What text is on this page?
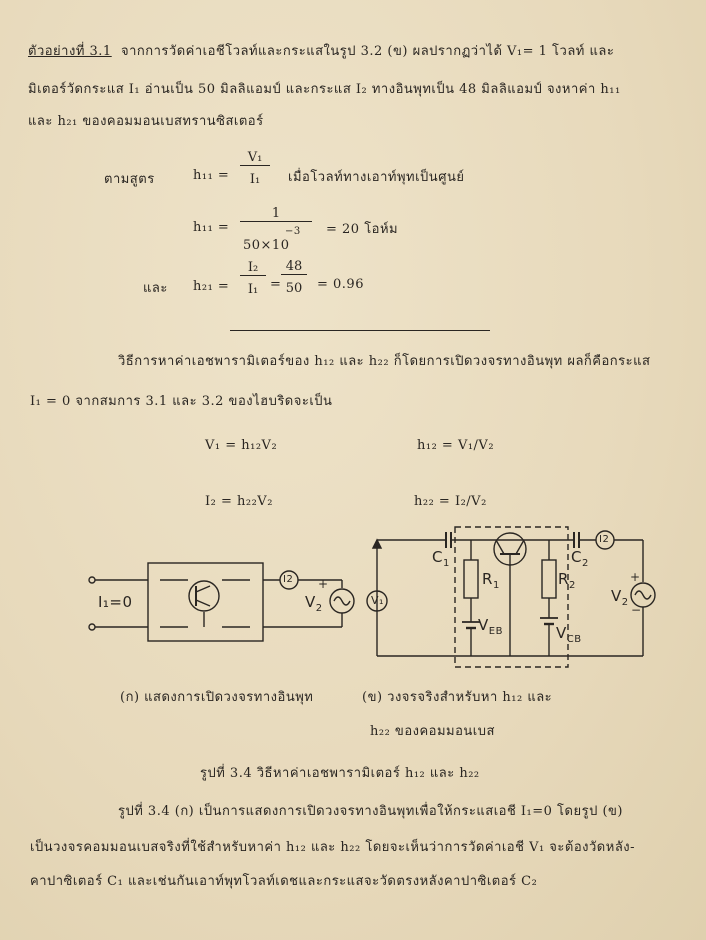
ตัวอย่างที่ 3.1 จากการวัดค่าเอชีโวลท์และกระแสในรูป 3.2 (ข) ผลปรากฏว่าได้ V₁= 1 โวลท์ และ
มิเตอร์วัดกระแส I₁ อ่านเป็น 50 มิลลิแอมป์ และกระแส I₂ ทางอินพุทเป็น 48 มิลลิแอมป์ จงหาค่า h₁₁
และ h₂₁ ของคอมมอนเบสทรานซิสเตอร์
ตามสูตร	h₁₁ =
V₁
I₁	เมื่อโวลท์ทางเอาท์พุทเป็นศูนย์
h₁₁ =
1
50×10
−3 = 20 โอห์ม
และ h₂₁ =
I₂
I₁ =
48
50	= 0.96
วิธีการหาค่าเอชพารามิเตอร์ของ h₁₂ และ h₂₂ ก็โดยการเปิดวงจรทางอินพุท ผลก็คือกระแส
I₁ = 0 จากสมการ 3.1 และ 3.2 ของไฮบริดจะเป็น
V₁ = h₁₂V₂	h₁₂ = V₁/V₂
I₂ = h₂₂V₂	h₂₂ = I₂/V₂
I₁=0
I2
$V_2$
+
V₁
$C_1$	$C_2$
$R_1$	$R_2$
$V_{EB}$	$V_{CB}$
I2
$V_2$
+
−
(ก) แสดงการเปิดวงจรทางอินพุท	(ข) วงจรจริงสำหรับหา h₁₂ และ
h₂₂ ของคอมมอนเบส
รูปที่ 3.4 วิธีหาค่าเอชพารามิเตอร์ h₁₂ และ h₂₂
รูปที่ 3.4 (ก) เป็นการแสดงการเปิดวงจรทางอินพุทเพื่อให้กระแสเอชี I₁=0 โดยรูป (ข)
เป็นวงจรคอมมอนเบสจริงที่ใช้สำหรับหาค่า h₁₂ และ h₂₂ โดยจะเห็นว่าการวัดค่าเอชี V₁ จะต้องวัดหลัง-
คาปาซิเตอร์ C₁ และเช่นกันเอาท์พุทโวลท์เดชและกระแสจะวัดตรงหลังคาปาซิเตอร์ C₂
